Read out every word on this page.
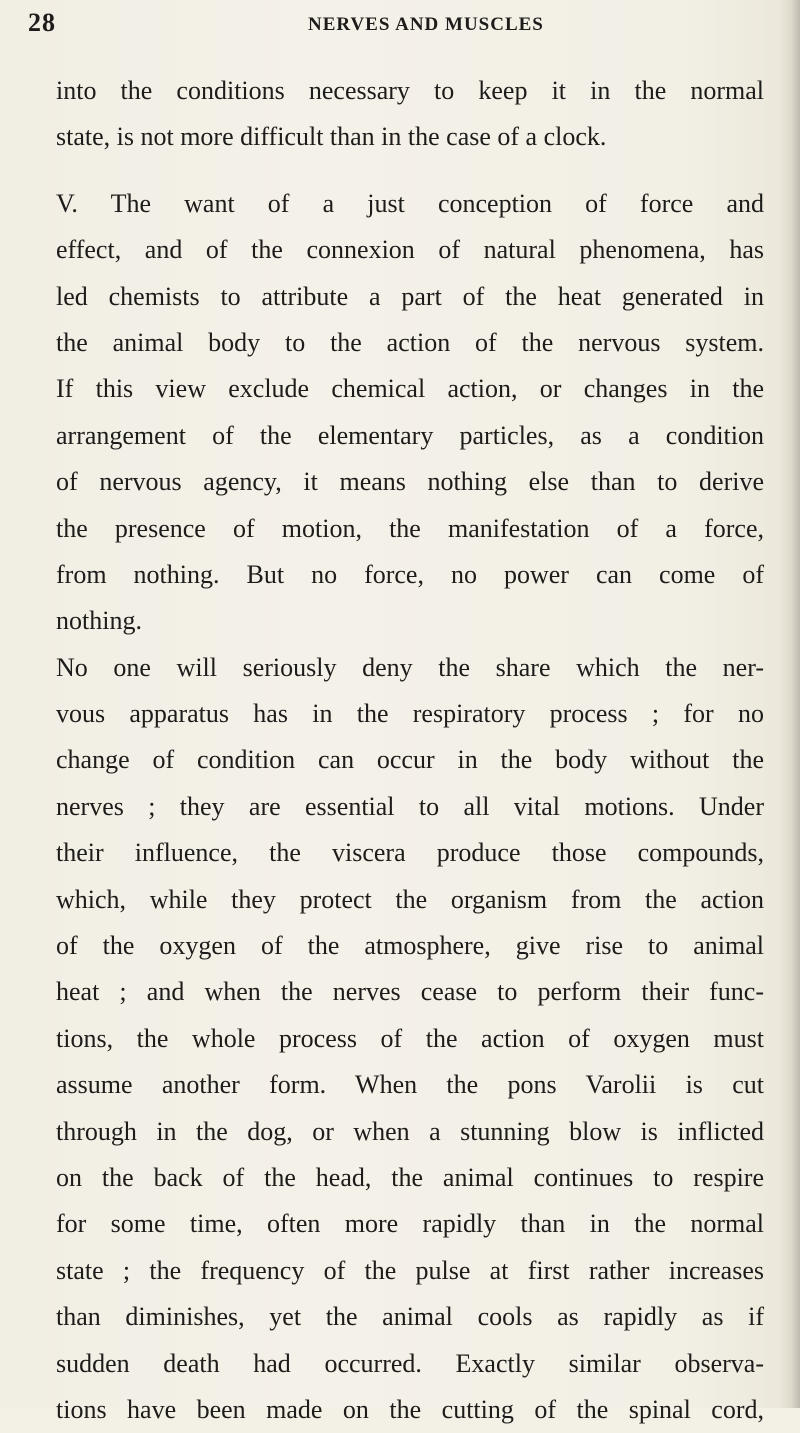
28	NERVES AND MUSCLES
into the conditions necessary to keep it in the normal
state, is not more difficult than in the case of a clock.
V. The want of a just conception of force and
effect, and of the connexion of natural phenomena, has
led chemists to attribute a part of the heat generated in
the animal body to the action of the nervous system.
If this view exclude chemical action, or changes in the
arrangement of the elementary particles, as a condition
of nervous agency, it means nothing else than to derive
the presence of motion, the manifestation of a force,
from nothing. But no force, no power can come of
nothing.
No one will seriously deny the share which the ner-
vous apparatus has in the respiratory process ; for no
change of condition can occur in the body without the
nerves ; they are essential to all vital motions. Under
their influence, the viscera produce those compounds,
which, while they protect the organism from the action
of the oxygen of the atmosphere, give rise to animal
heat ; and when the nerves cease to perform their func-
tions, the whole process of the action of oxygen must
assume another form. When the pons Varolii is cut
through in the dog, or when a stunning blow is inflicted
on the back of the head, the animal continues to respire
for some time, often more rapidly than in the normal
state ; the frequency of the pulse at first rather increases
than diminishes, yet the animal cools as rapidly as if
sudden death had occurred. Exactly similar observa-
tions have been made on the cutting of the spinal cord,
